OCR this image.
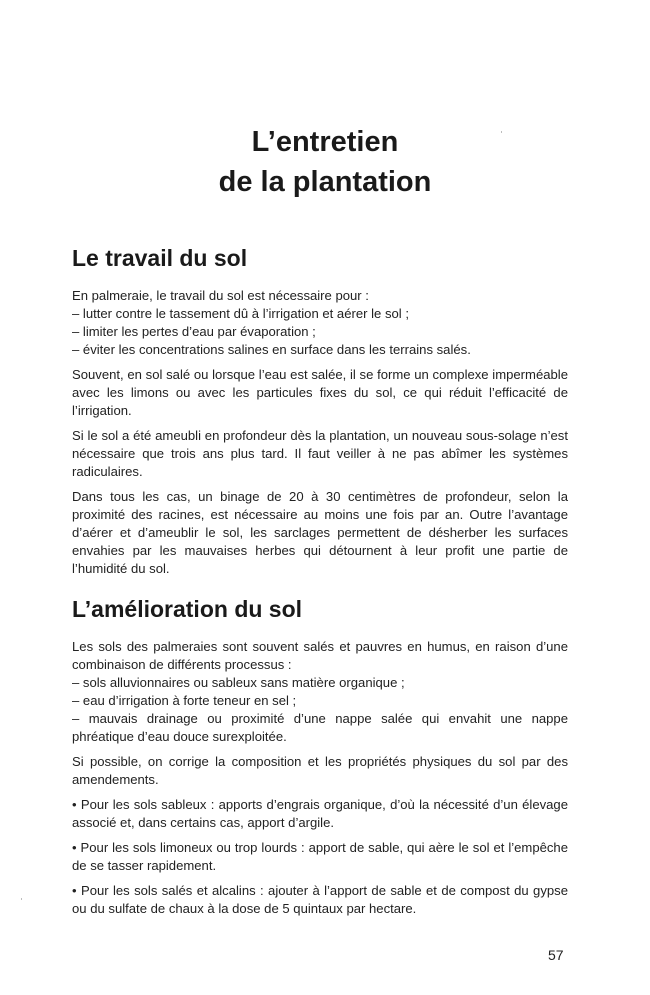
L’entretien
de la plantation
Le travail du sol

En palmeraie, le travail du sol est nécessaire pour :

– lutter contre le tassement dû à l’irrigation et aérer le sol ;

– limiter les pertes d’eau par évaporation ;

– éviter les concentrations salines en surface dans les terrains salés.

Souvent, en sol salé ou lorsque l’eau est salée, il se forme un complexe imperméable avec les limons ou avec les particules fixes du sol, ce qui réduit l’efficacité de l’irrigation.

Si le sol a été ameubli en profondeur dès la plantation, un nouveau sous-solage n’est nécessaire que trois ans plus tard. Il faut veiller à ne pas abîmer les systèmes radiculaires.

Dans tous les cas, un binage de 20 à 30 centimètres de profondeur, selon la proximité des racines, est nécessaire au moins une fois par an. Outre l’avantage d’aérer et d’ameublir le sol, les sarclages permettent de désherber les surfaces envahies par les mauvaises herbes qui détournent à leur profit une partie de l’humidité du sol.

L’amélioration du sol

Les sols des palmeraies sont souvent salés et pauvres en humus, en raison d’une combinaison de différents processus :

– sols alluvionnaires ou sableux sans matière organique ;

– eau d’irrigation à forte teneur en sel ;

– mauvais drainage ou proximité d’une nappe salée qui envahit une nappe phréatique d’eau douce surexploitée.

Si possible, on corrige la composition et les propriétés physiques du sol par des amendements.

• Pour les sols sableux : apports d’engrais organique, d’où la nécessité d’un élevage associé et, dans certains cas, apport d’argile.

• Pour les sols limoneux ou trop lourds : apport de sable, qui aère le sol et l’empêche de se tasser rapidement.

• Pour les sols salés et alcalins : ajouter à l’apport de sable et de compost du gypse ou du sulfate de chaux à la dose de 5 quintaux par hectare.

57
